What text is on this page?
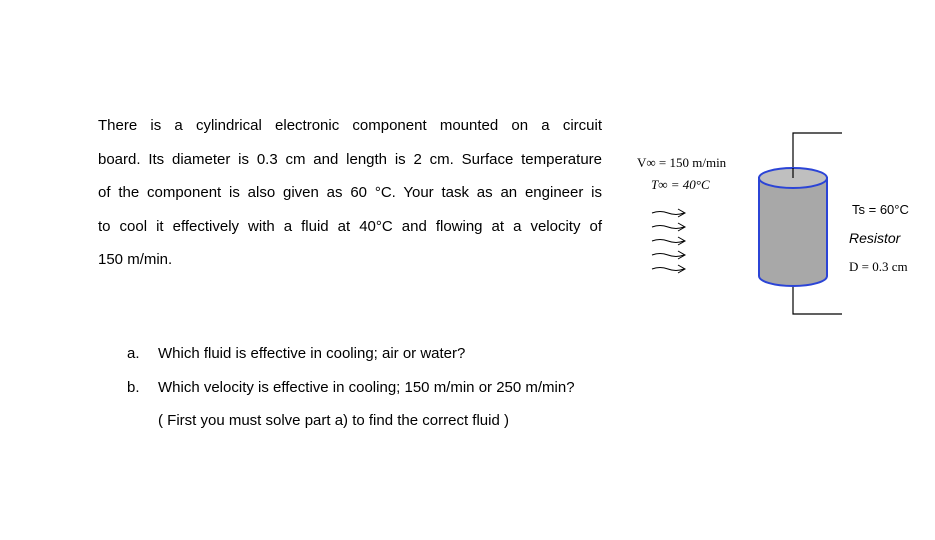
There is a cylindrical electronic component mounted on a circuit
board. Its diameter is 0.3 cm and length is 2 cm. Surface temperature
of the component is also given as 60 °C. Your task as an engineer is
to cool it effectively with a fluid at 40°C and flowing at a velocity of
150 m/min.
a. Which fluid is effective in cooling; air or water?
b. Which velocity is effective in cooling; 150 m/min or 250 m/min?
( First you must solve part a) to find the correct fluid )
V∞ = 150 m/min
T∞ = 40°C
Ts = 60°C
Resistor
D = 0.3 cm
